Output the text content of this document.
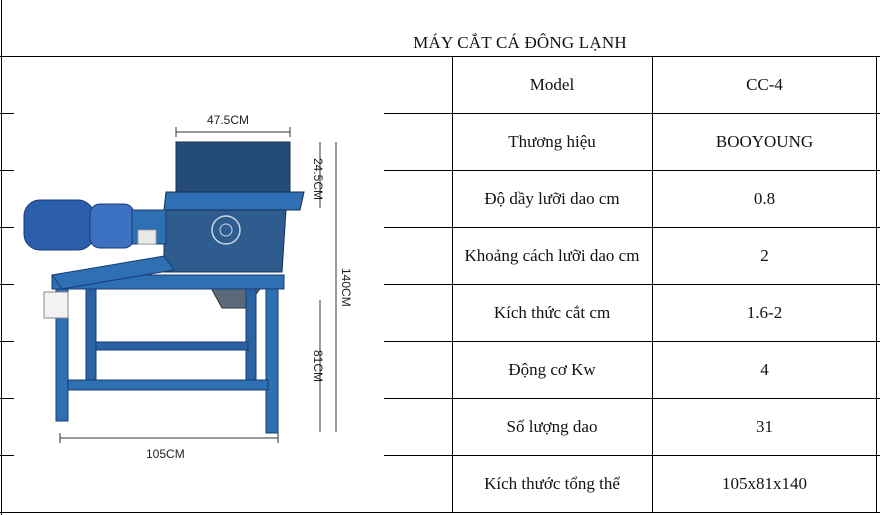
MÁY CẮT CÁ ĐÔNG LẠNH
Model	CC-4
Thương hiệu	BOOYOUNG
Độ dầy lưỡi dao cm	0.8
Khoảng cách lưỡi dao cm	2
Kích thức cắt cm	1.6-2
Động cơ Kw	4
Số lượng dao	31
Kích thước tổng thể	105x81x140
47.5CM
24.5CM
140CM
81CM
105CM
